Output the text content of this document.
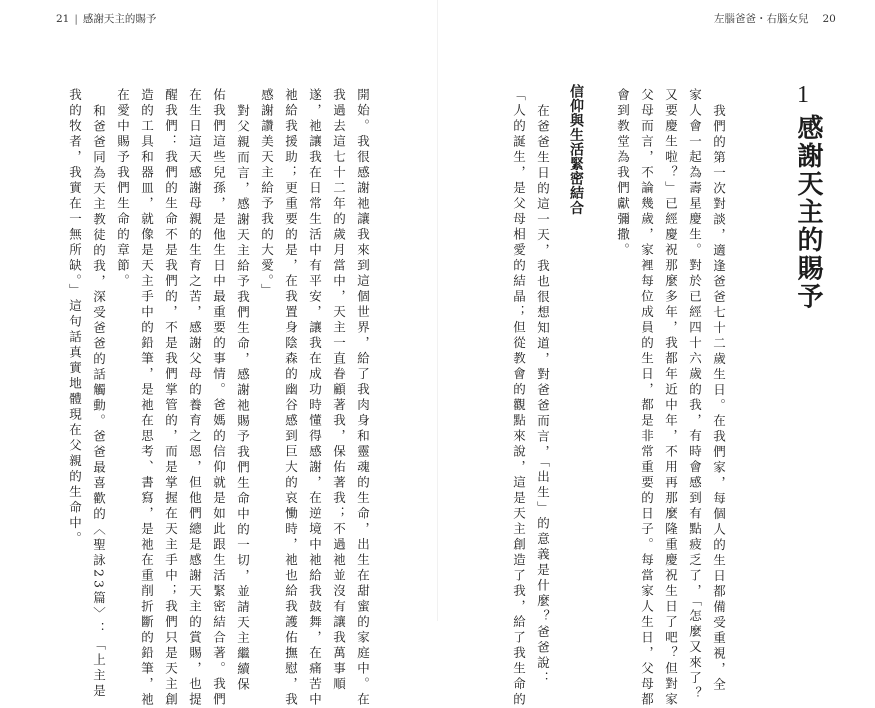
21 | 感謝天主的賜予	左腦爸爸・右腦女兒 20
1
感謝天主的賜予
我們的第一次對談，適逢爸爸七十二歲生日。在我們家，每個人的生日都備受重視，全
家人會一起為壽星慶生。對於已經四十六歲的我，有時會感到有點疲乏了，「怎麼又來了？
又要慶生啦？」已經慶祝那麼多年，我都年近中年，不用再那麼隆重慶祝生日了吧？但對家
父母而言，不論幾歲，家裡每位成員的生日，都是非常重要的日子。每當家人生日，父母都
會到教堂為我們獻彌撒。
信仰與生活緊密結合
在爸爸生日的這一天，我也很想知道，對爸爸而言，「出生」的意義是什麼？爸爸說：
「人的誕生，是父母相愛的結晶；但從教會的觀點來說，這是天主創造了我，給了我生命的
開始。我很感謝祂讓我來到這個世界，給了我肉身和靈魂的生命，出生在甜蜜的家庭中。在
我過去這七十二年的歲月當中，天主一直眷顧著我，保佑著我；不過祂並沒有讓我萬事順
遂，祂讓我在日常生活中有平安，讓我在成功時懂得感謝，在逆境中祂給我鼓舞，在痛苦中
祂給我援助；更重要的是，在我置身陰森的幽谷感到巨大的哀慟時，祂也給我護佑撫慰，我
感謝讚美天主給予我的大愛。」
對父親而言，感謝天主給予我們生命，感謝祂賜予我們生命中的一切，並請天主繼續保
佑我們這些兒孫，是他生日中最重要的事情。爸媽的信仰就是如此跟生活緊密結合著。我們
在生日這天感謝母親的生育之苦，感謝父母的養育之恩，但他們總是感謝天主的賞賜，也提
醒我們：我們的生命不是我們的，不是我們掌管的，而是掌握在天主手中；我們只是天主創
造的工具和器皿，就像是天主手中的鉛筆，是祂在思考、書寫，是祂在重削折斷的鉛筆，祂
在愛中賜予我們生命的章節。
和爸爸同為天主教徒的我，深受爸爸的話觸動。爸爸最喜歡的〈聖詠23篇〉：「上主是
我的牧者，我實在一無所缺。」這句話真實地體現在父親的生命中。
